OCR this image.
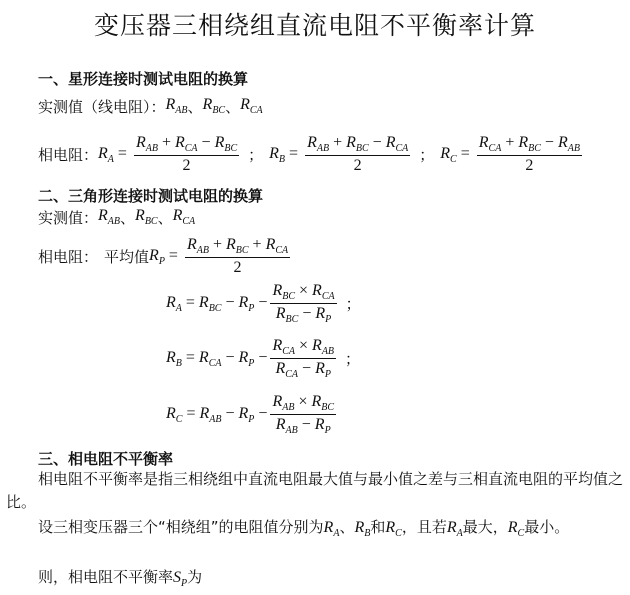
变压器三相绕组直流电阻不平衡率计算
一、星形连接时测试电阻的换算
实测值（线电阻）： $R_{AB}$ 、 $R_{BC}$ 、 $R_{CA}$
相电阻： $R_A = \frac{R_{AB} + R_{CA} - R_{BC}}{2}$ ； $R_B = \frac{R_{AB} + R_{BC} - R_{CA}}{2}$ ； $R_C = \frac{R_{CA} + R_{BC} - R_{AB}}{2}$
二、三角形连接时测试电阻的换算
实测值： $R_{AB}$ 、 $R_{BC}$ 、 $R_{CA}$
相电阻： 平均值 $R_P = \frac{R_{AB} + R_{BC} + R_{CA}}{2}$
$R_A = R_{BC} - R_P - \frac{R_{BC} \times R_{CA}}{R_{BC} - R_P}$ ；
$R_B = R_{CA} - R_P - \frac{R_{CA} \times R_{AB}}{R_{CA} - R_P}$ ；
$R_C = R_{AB} - R_P - \frac{R_{AB} \times R_{BC}}{R_{AB} - R_P}$
三、相电阻不平衡率
相电阻不平衡率是指三相绕组中直流电阻最大值与最小值之差与三相直流电阻的平均值之比。
设三相变压器三个“相绕组”的电阻值分别为$R_A$、$R_B$和$R_C$，且若$R_A$最大，$R_C$最小。
则，相电阻不平衡率$S_P$为
